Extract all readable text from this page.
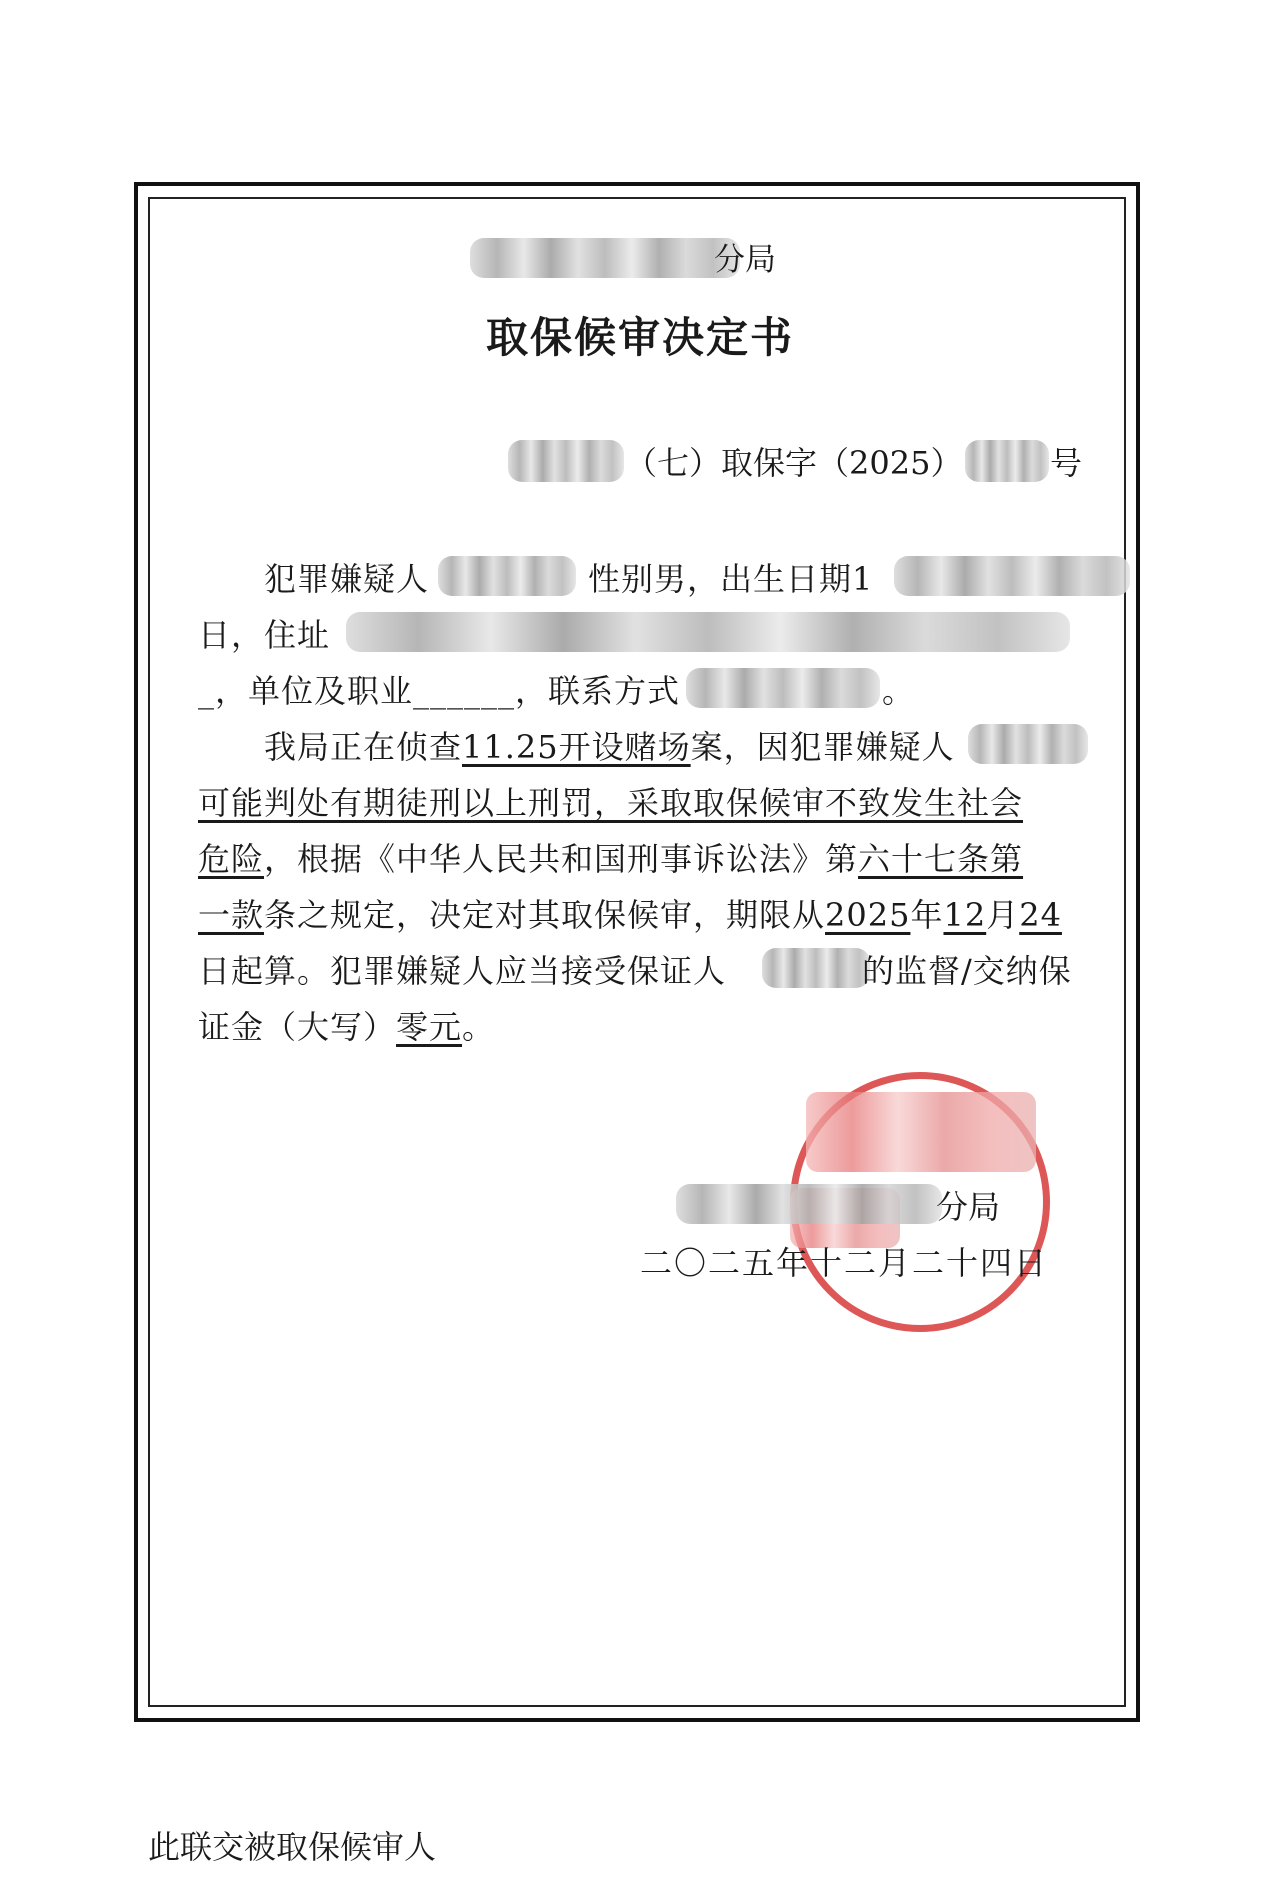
分局
取保候审决定书
（七）取保字（2025）	号
犯罪嫌疑人	性别男，出生日期1
日，住址
_，单位及职业______，联系方式	。
我局正在侦查11.25开设赌场案，因犯罪嫌疑人
可能判处有期徒刑以上刑罚，采取取保候审不致发生社会
危险，根据《中华人民共和国刑事诉讼法》第六十七条第
一款条之规定，决定对其取保候审，期限从2025年12月24
日起算。犯罪嫌疑人应当接受保证人	的监督/交纳保
证金（大写）零元。
分局
二〇二五年十二月二十四日
此联交被取保候审人
